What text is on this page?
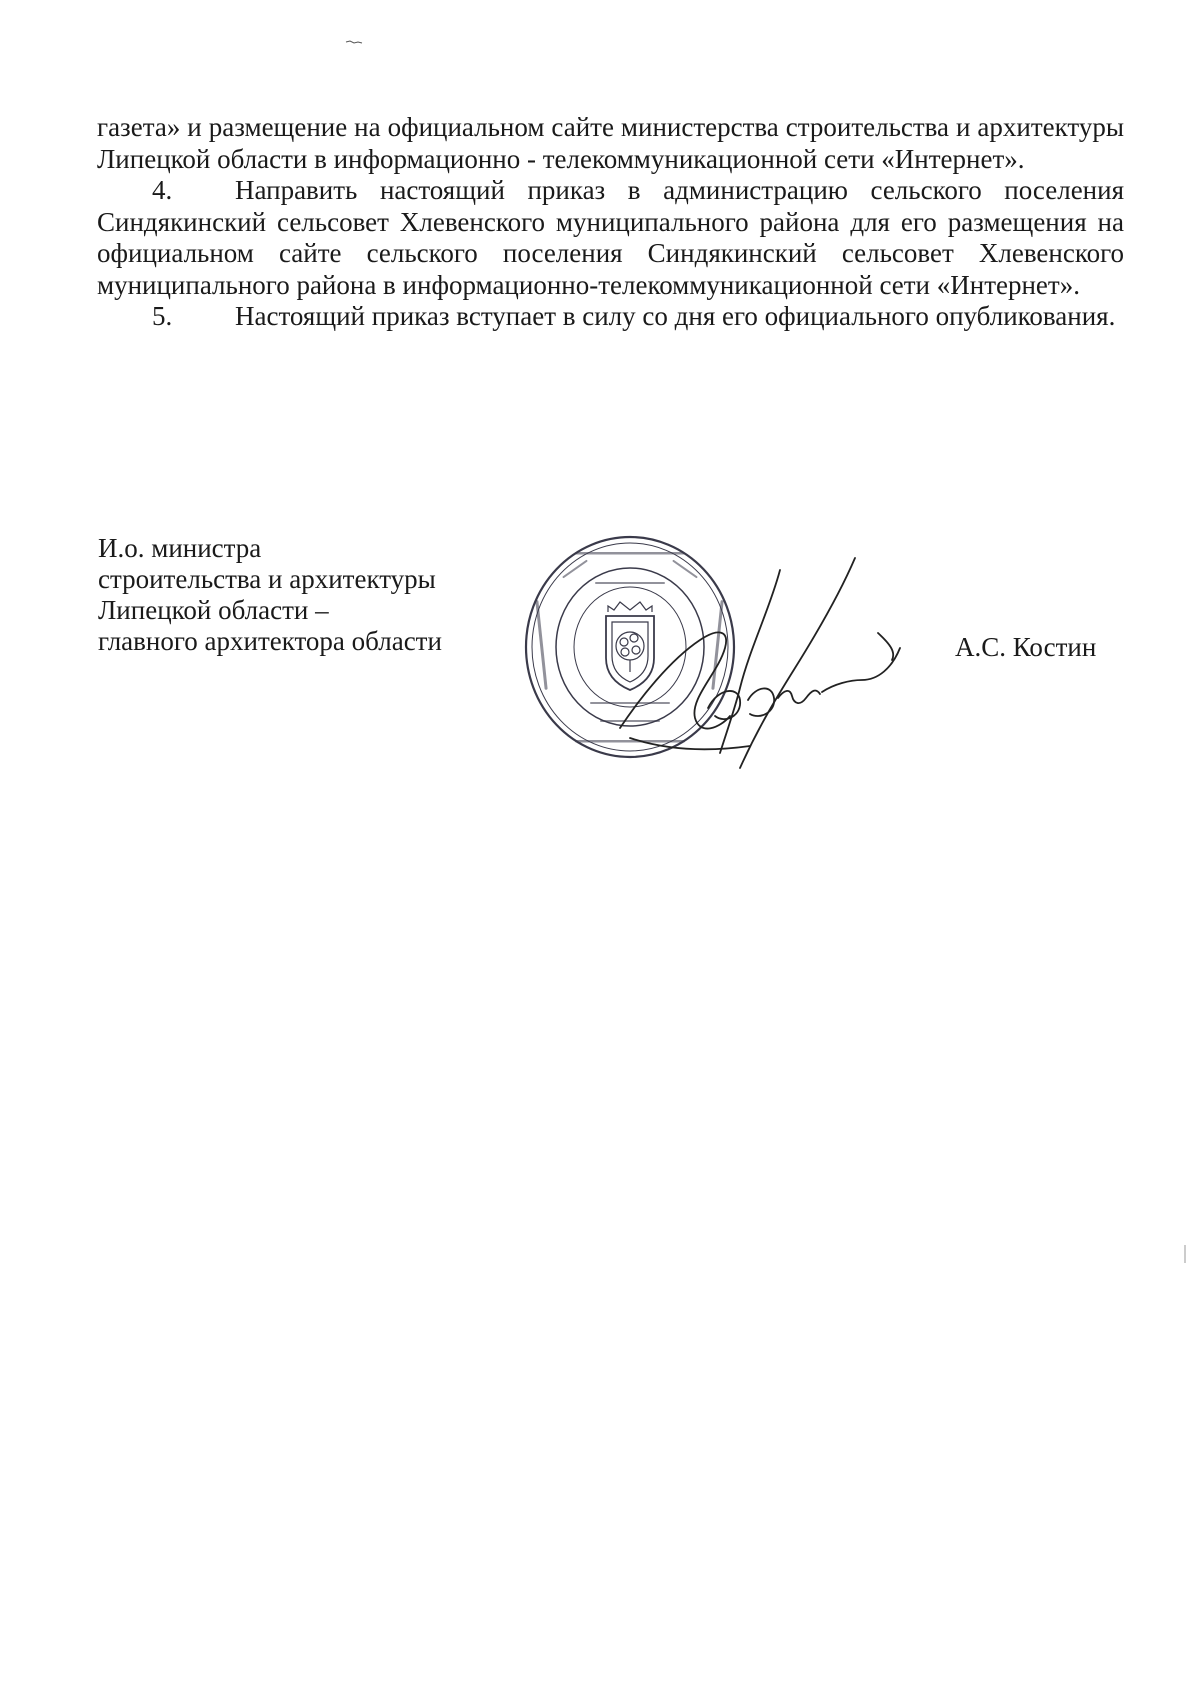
газета» и размещение на официальном сайте министерства строительства и архитектуры Липецкой области в информационно - телекоммуникационной сети «Интернет».

4. Направить настоящий приказ в администрацию сельского поселения Синдякинский сельсовет Хлевенского муниципального района для его размещения на официальном сайте сельского поселения Синдякинский сельсовет Хлевенского муниципального района в информационно-телекоммуникационной сети «Интернет».

5. Настоящий приказ вступает в силу со дня его официального опубликования.

И.о. министра
строительства и архитектуры
Липецкой области –
главного архитектора области	А.С. Костин
